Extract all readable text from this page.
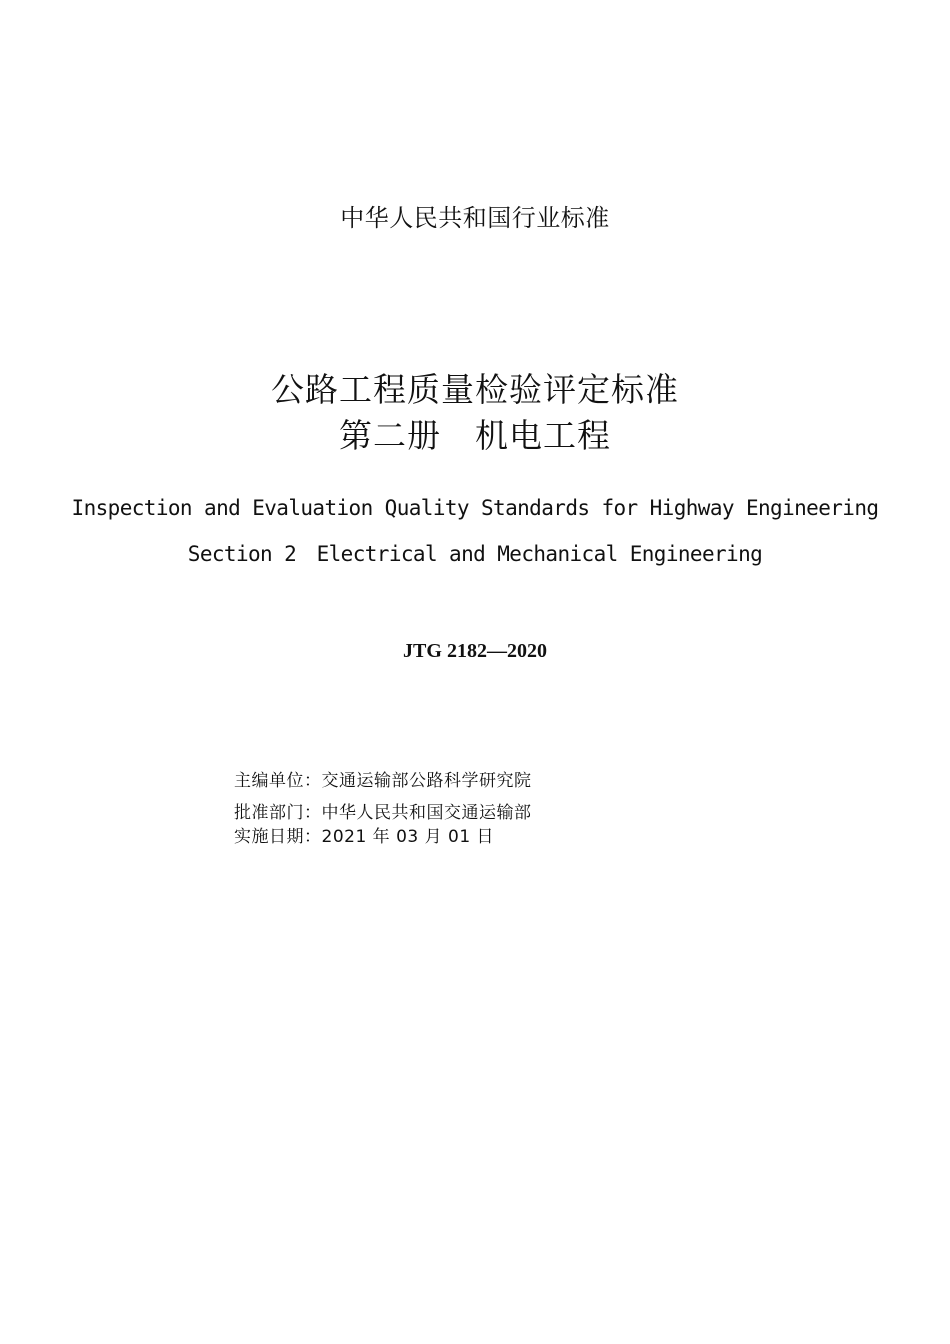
中华人民共和国行业标准
公路工程质量检验评定标准
第二册　机电工程
Inspection and Evaluation Quality Standards for Highway Engineering
Section 2　Electrical and Mechanical Engineering
JTG 2182—2020
主编单位：交通运输部公路科学研究院
批准部门：中华人民共和国交通运输部
实施日期：2021 年 03 月 01 日
